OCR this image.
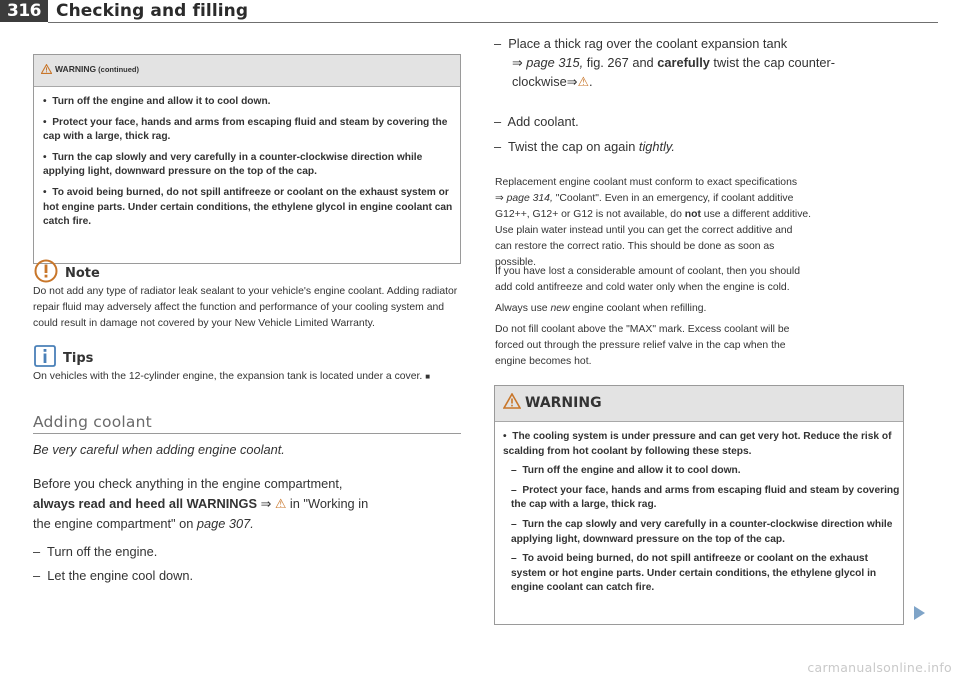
316 Checking and filling
WARNING (continued)

•  Turn off the engine and allow it to cool down.

•  Protect your face, hands and arms from escaping fluid and steam by covering the cap with a large, thick rag.

•  Turn the cap slowly and very carefully in a counter-clockwise direction while applying light, downward pressure on the top of the cap.

•  To avoid being burned, do not spill antifreeze or coolant on the exhaust system or hot engine parts. Under certain conditions, the ethylene glycol in engine coolant can catch fire.

Note
Do not add any type of radiator leak sealant to your vehicle's engine coolant. Adding radiator repair fluid may adversely affect the function and performance of your cooling system and could result in damage not covered by your New Vehicle Limited Warranty.
Tips
On vehicles with the 12-cylinder engine, the expansion tank is located under a cover. ■
Adding coolant
Be very careful when adding engine coolant.
Before you check anything in the engine compartment,
always read and heed all WARNINGS ⇒ ⚠ in "Working in
the engine compartment" on page 307.
–  Turn off the engine.
–  Let the engine cool down.
–  Place a thick rag over the coolant expansion tank
⇒ page 315, fig. 267 and carefully twist the cap counter-
clockwise⇒⚠.
–  Add coolant.
–  Twist the cap on again tightly.
Replacement engine coolant must conform to exact specifications
⇒ page 314, "Coolant". Even in an emergency, if coolant additive
G12++, G12+ or G12 is not available, do not use a different additive.
Use plain water instead until you can get the correct additive and
can restore the correct ratio. This should be done as soon as
possible.
If you have lost a considerable amount of coolant, then you should
add cold antifreeze and cold water only when the engine is cold.
Always use new engine coolant when refilling.
Do not fill coolant above the "MAX" mark. Excess coolant will be
forced out through the pressure relief valve in the cap when the
engine becomes hot.
WARNING
•  The cooling system is under pressure and can get very hot. Reduce the risk of scalding from hot coolant by following these steps.
–  Turn off the engine and allow it to cool down.
–  Protect your face, hands and arms from escaping fluid and steam by covering the cap with a large, thick rag.
–  Turn the cap slowly and very carefully in a counter-clockwise direction while applying light, downward pressure on the top of the cap.
–  To avoid being burned, do not spill antifreeze or coolant on the exhaust system or hot engine parts. Under certain conditions, the ethylene glycol in engine coolant can catch fire.
carmanualsonline.info
